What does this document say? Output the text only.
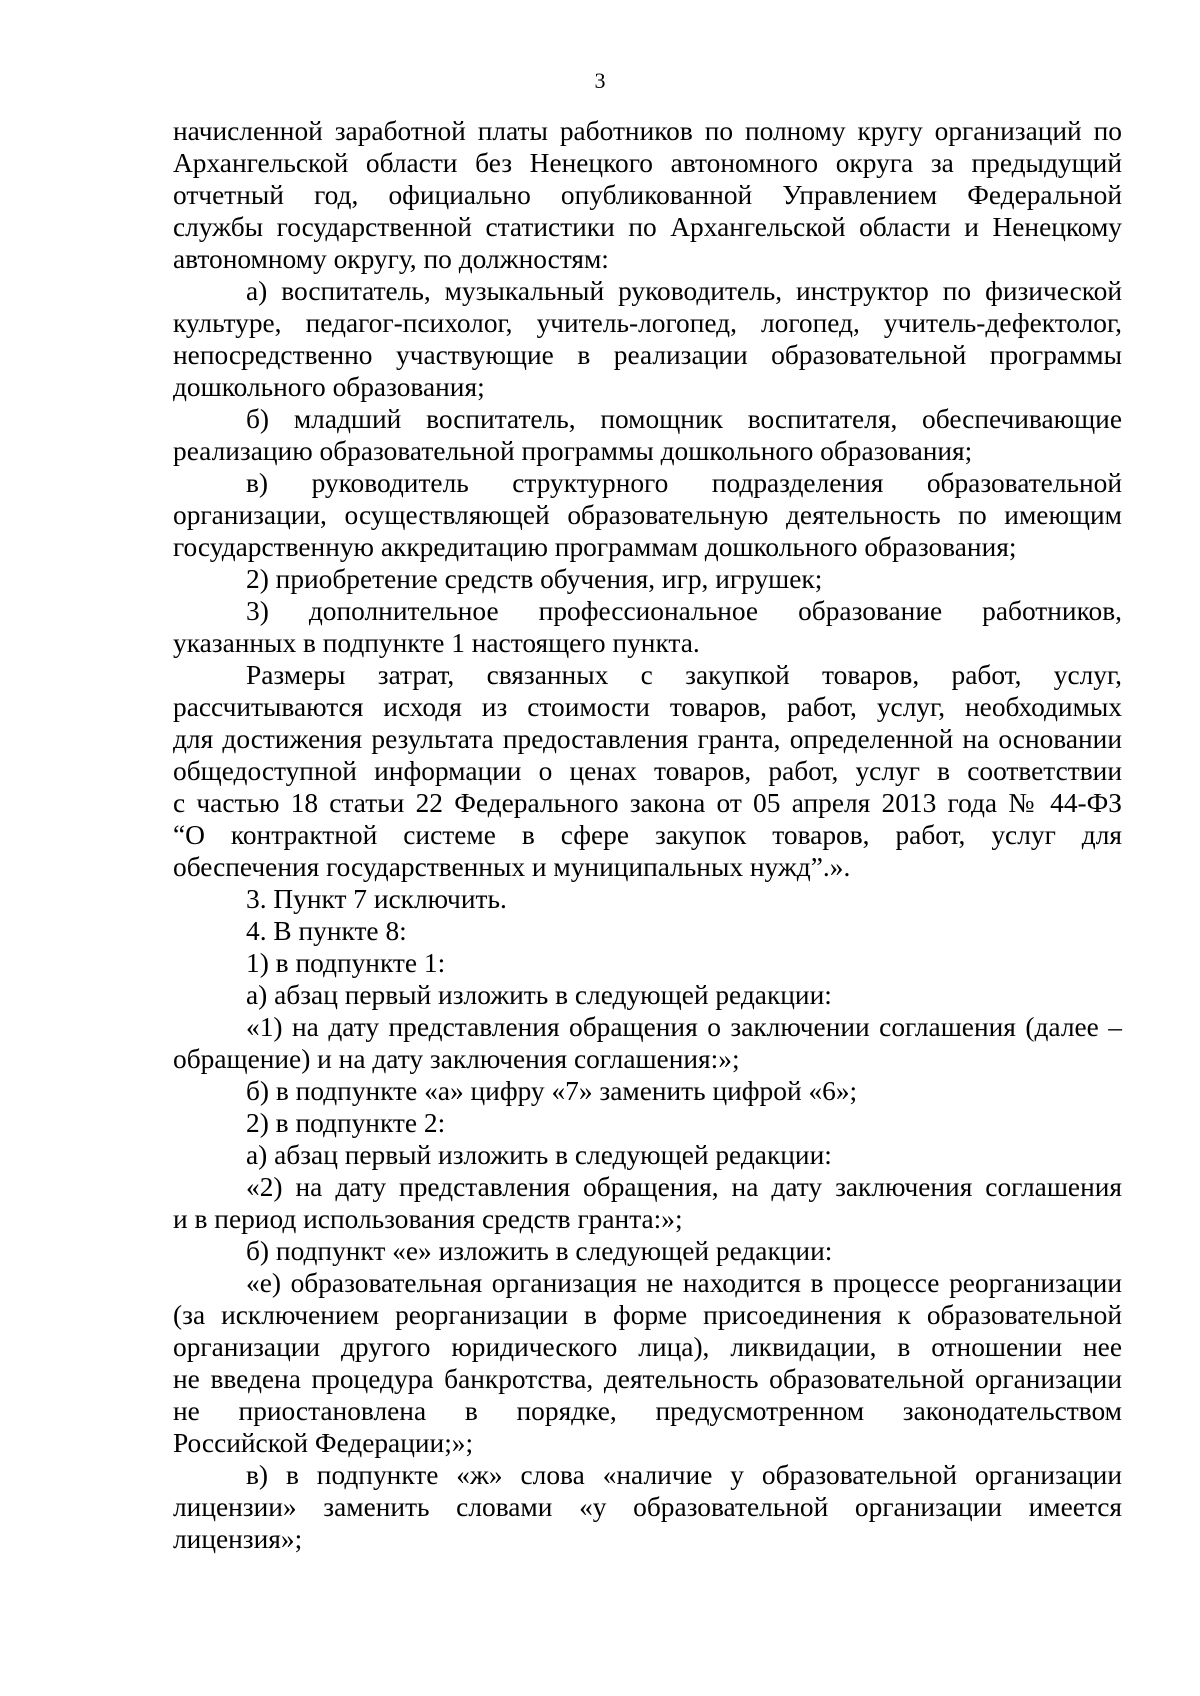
3
начисленной заработной платы работников по полному кругу организаций по
Архангельской области без Ненецкого автономного округа за предыдущий
отчетный год, официально опубликованной Управлением Федеральной
службы государственной статистики по Архангельской области и Ненецкому
автономному округу, по должностям:
а) воспитатель, музыкальный руководитель, инструктор по физической
культуре, педагог-психолог, учитель-логопед, логопед, учитель-дефектолог,
непосредственно участвующие в реализации образовательной программы
дошкольного образования;
б) младший воспитатель, помощник воспитателя, обеспечивающие
реализацию образовательной программы дошкольного образования;
в) руководитель структурного подразделения образовательной
организации, осуществляющей образовательную деятельность по имеющим
государственную аккредитацию программам дошкольного образования;
2) приобретение средств обучения, игр, игрушек;
3) дополнительное профессиональное образование работников,
указанных в подпункте 1 настоящего пункта.
Размеры затрат, связанных с закупкой товаров, работ, услуг,
рассчитываются исходя из стоимости товаров, работ, услуг, необходимых
для достижения результата предоставления гранта, определенной на основании
общедоступной информации о ценах товаров, работ, услуг в соответствии
с частью 18 статьи 22 Федерального закона от 05 апреля 2013 года № 44-ФЗ
“О контрактной системе в сфере закупок товаров, работ, услуг для
обеспечения государственных и муниципальных нужд”.».
3. Пункт 7 исключить.
4. В пункте 8:
1) в подпункте 1:
а) абзац первый изложить в следующей редакции:
«1) на дату представления обращения о заключении соглашения (далее –
обращение) и на дату заключения соглашения:»;
б) в подпункте «а» цифру «7» заменить цифрой «6»;
2) в подпункте 2:
а) абзац первый изложить в следующей редакции:
«2) на дату представления обращения, на дату заключения соглашения
и в период использования средств гранта:»;
б) подпункт «е» изложить в следующей редакции:
«е) образовательная организация не находится в процессе реорганизации
(за исключением реорганизации в форме присоединения к образовательной
организации другого юридического лица), ликвидации, в отношении нее
не введена процедура банкротства, деятельность образовательной организации
не приостановлена в порядке, предусмотренном законодательством
Российской Федерации;»;
в) в подпункте «ж» слова «наличие у образовательной организации
лицензии» заменить словами «у образовательной организации имеется
лицензия»;
